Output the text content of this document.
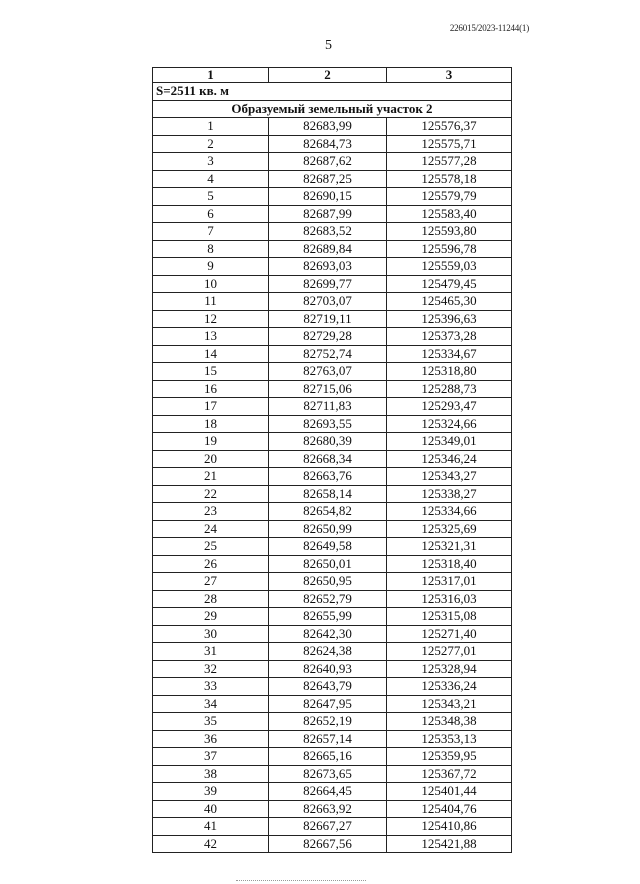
226015/2023-11244(1)
5
1	2	3
S=2511 кв. м		
Образуемый земельный участок 2		
1	82683,99	125576,37
2	82684,73	125575,71
3	82687,62	125577,28
4	82687,25	125578,18
5	82690,15	125579,79
6	82687,99	125583,40
7	82683,52	125593,80
8	82689,84	125596,78
9	82693,03	125559,03
10	82699,77	125479,45
11	82703,07	125465,30
12	82719,11	125396,63
13	82729,28	125373,28
14	82752,74	125334,67
15	82763,07	125318,80
16	82715,06	125288,73
17	82711,83	125293,47
18	82693,55	125324,66
19	82680,39	125349,01
20	82668,34	125346,24
21	82663,76	125343,27
22	82658,14	125338,27
23	82654,82	125334,66
24	82650,99	125325,69
25	82649,58	125321,31
26	82650,01	125318,40
27	82650,95	125317,01
28	82652,79	125316,03
29	82655,99	125315,08
30	82642,30	125271,40
31	82624,38	125277,01
32	82640,93	125328,94
33	82643,79	125336,24
34	82647,95	125343,21
35	82652,19	125348,38
36	82657,14	125353,13
37	82665,16	125359,95
38	82673,65	125367,72
39	82664,45	125401,44
40	82663,92	125404,76
41	82667,27	125410,86
42	82667,56	125421,88
